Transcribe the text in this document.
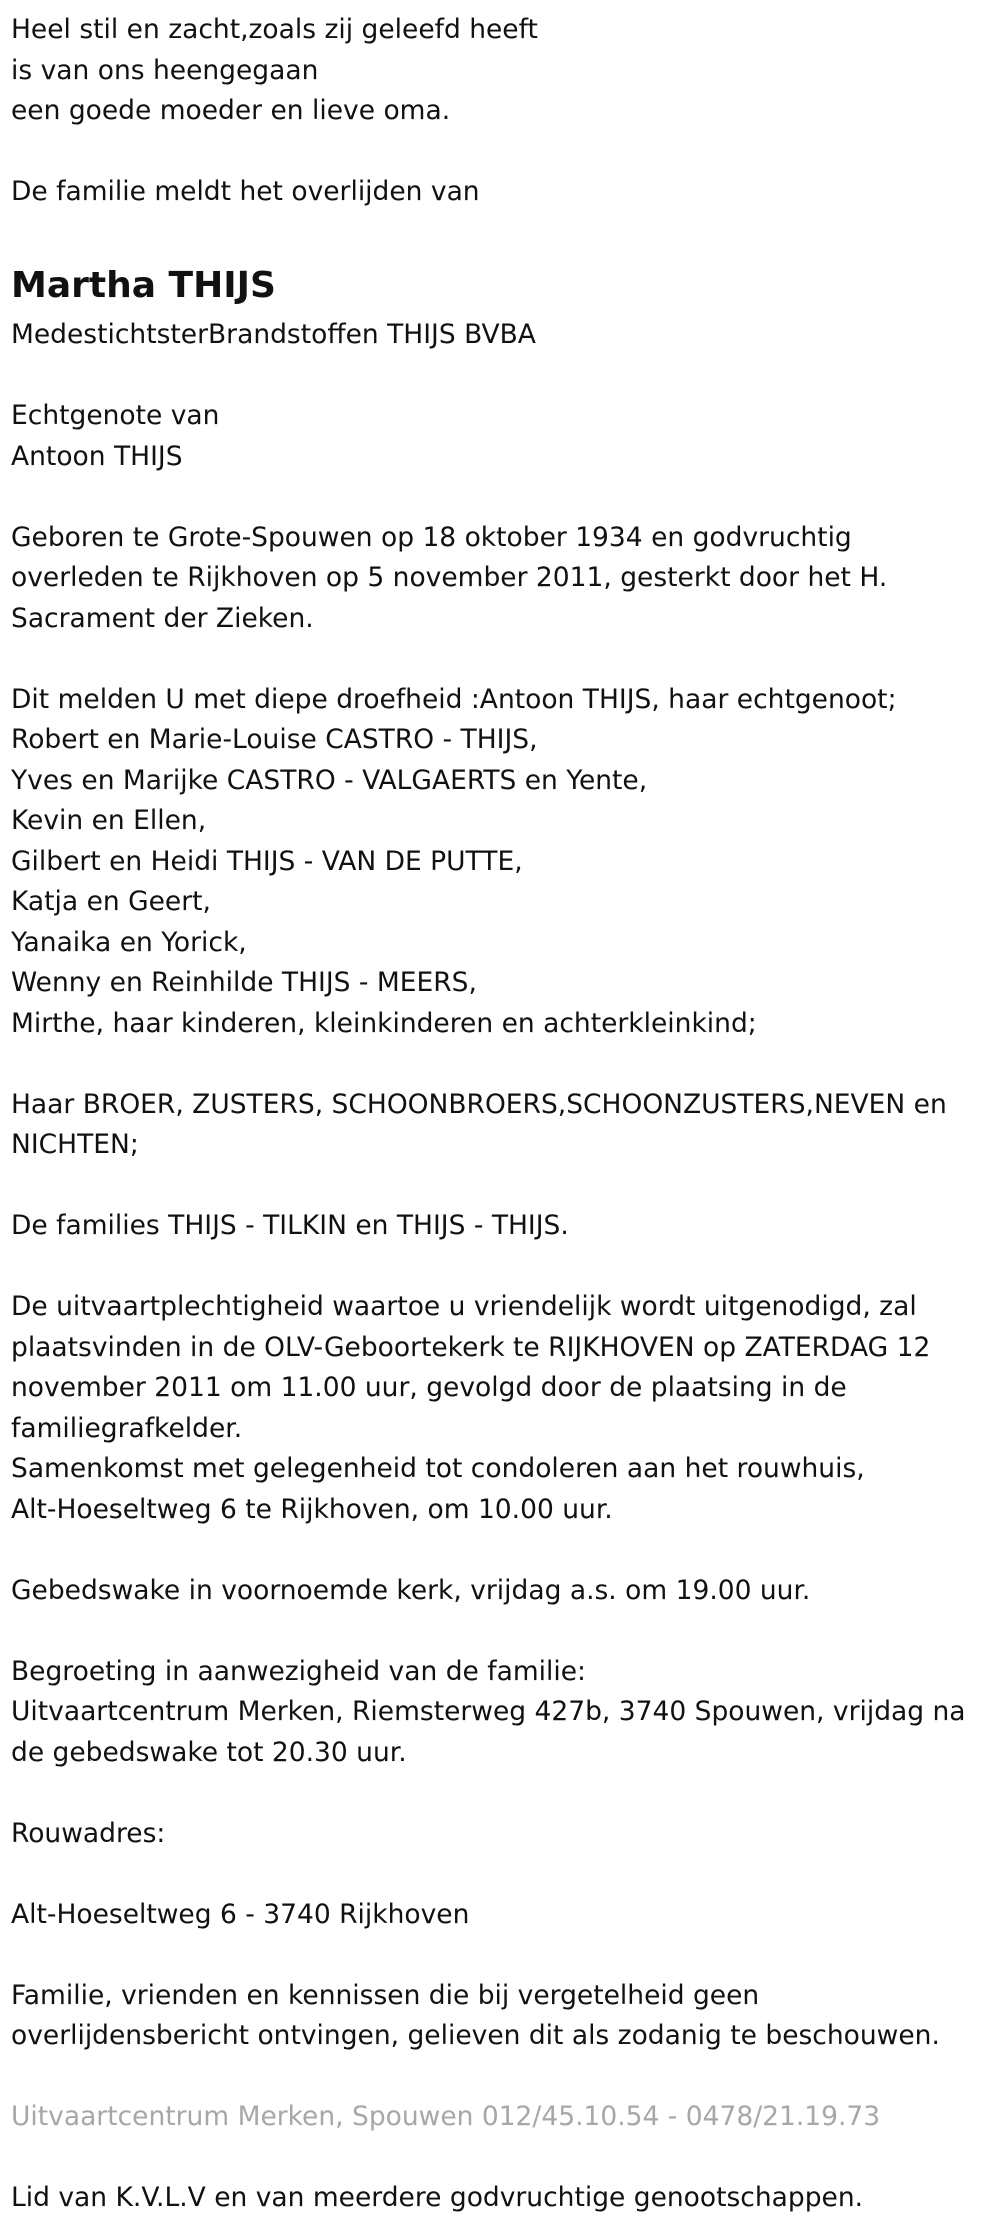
Heel stil en zacht,zoals zij geleefd heeft
is van ons heengegaan
een goede moeder en lieve oma.
De familie meldt het overlijden van
Martha THIJS
MedestichtsterBrandstoffen THIJS BVBA
Echtgenote van
Antoon THIJS
Geboren te Grote-Spouwen op 18 oktober 1934 en godvruchtig
overleden te Rijkhoven op 5 november 2011, gesterkt door het H.
Sacrament der Zieken.
Dit melden U met diepe droefheid :Antoon THIJS, haar echtgenoot;
Robert en Marie-Louise CASTRO - THIJS,
Yves en Marijke CASTRO - VALGAERTS en Yente,
Kevin en Ellen,
Gilbert en Heidi THIJS - VAN DE PUTTE,
Katja en Geert,
Yanaika en Yorick,
Wenny en Reinhilde THIJS - MEERS,
Mirthe, haar kinderen, kleinkinderen en achterkleinkind;
Haar BROER, ZUSTERS, SCHOONBROERS,SCHOONZUSTERS,NEVEN en
NICHTEN;
De families THIJS - TILKIN en THIJS - THIJS.
De uitvaartplechtigheid waartoe u vriendelijk wordt uitgenodigd, zal
plaatsvinden in de OLV-Geboortekerk te RIJKHOVEN op ZATERDAG 12
november 2011 om 11.00 uur, gevolgd door de plaatsing in de
familiegrafkelder.
Samenkomst met gelegenheid tot condoleren aan het rouwhuis,
Alt-Hoeseltweg 6 te Rijkhoven, om 10.00 uur.
Gebedswake in voornoemde kerk, vrijdag a.s. om 19.00 uur.
Begroeting in aanwezigheid van de familie:
Uitvaartcentrum Merken, Riemsterweg 427b, 3740 Spouwen, vrijdag na
de gebedswake tot 20.30 uur.
Rouwadres:
Alt-Hoeseltweg 6 - 3740 Rijkhoven
Familie, vrienden en kennissen die bij vergetelheid geen
overlijdensbericht ontvingen, gelieven dit als zodanig te beschouwen.
Uitvaartcentrum Merken, Spouwen 012/45.10.54 - 0478/21.19.73
Lid van K.V.L.V en van meerdere godvruchtige genootschappen.
